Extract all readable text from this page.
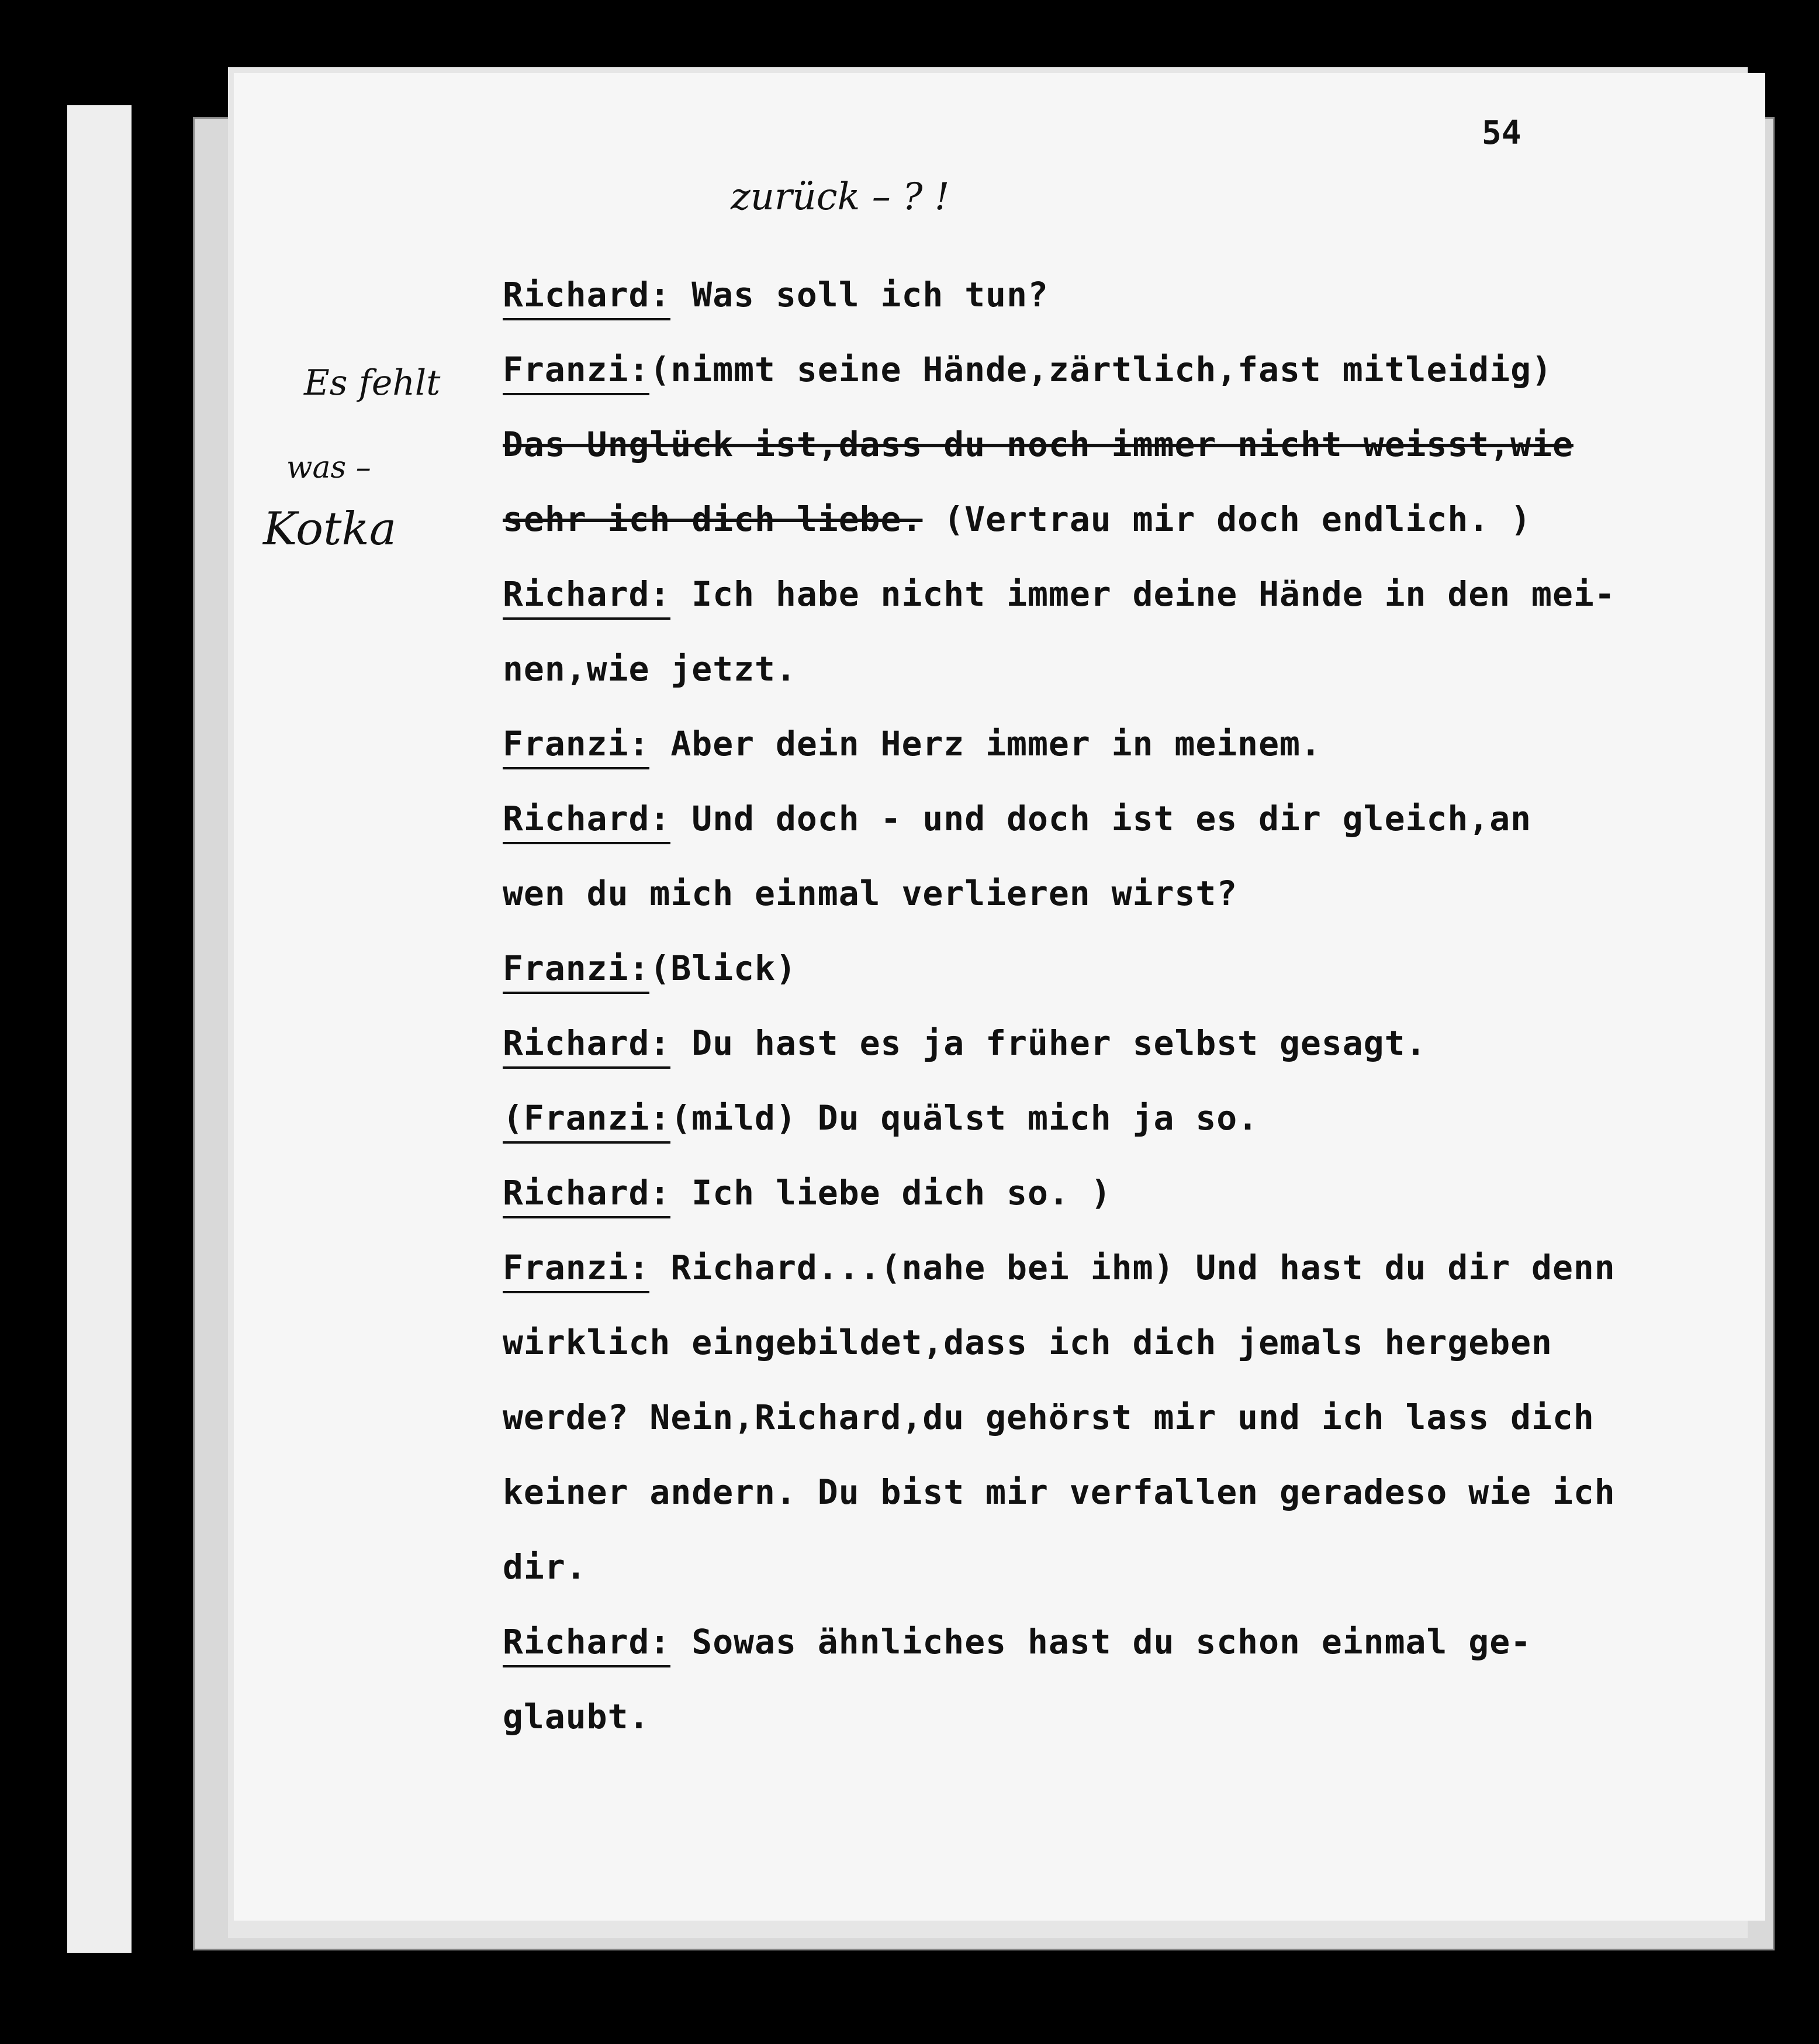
54
zurück – ? !
Es fehlt
was –
Kotka
Richard: Was soll ich tun?
Franzi:(nimmt seine Hände,zärtlich,fast mitleidig)
Das Unglück ist,dass du noch immer nicht weisst,wie
sehr ich dich liebe. (Vertrau mir doch endlich. )
Richard: Ich habe nicht immer deine Hände in den mei-
nen,wie jetzt.
Franzi: Aber dein Herz immer in meinem.
Richard: Und doch - und doch ist es dir gleich,an
wen du mich einmal verlieren wirst?
Franzi:(Blick)
Richard: Du hast es ja früher selbst gesagt.
(Franzi:(mild) Du quälst mich ja so.
Richard: Ich liebe dich so. )
Franzi: Richard...(nahe bei ihm) Und hast du dir denn
wirklich eingebildet,dass ich dich jemals hergeben
werde? Nein,Richard,du gehörst mir und ich lass dich
keiner andern. Du bist mir verfallen geradeso wie ich
dir.
Richard: Sowas ähnliches hast du schon einmal ge-
glaubt.
